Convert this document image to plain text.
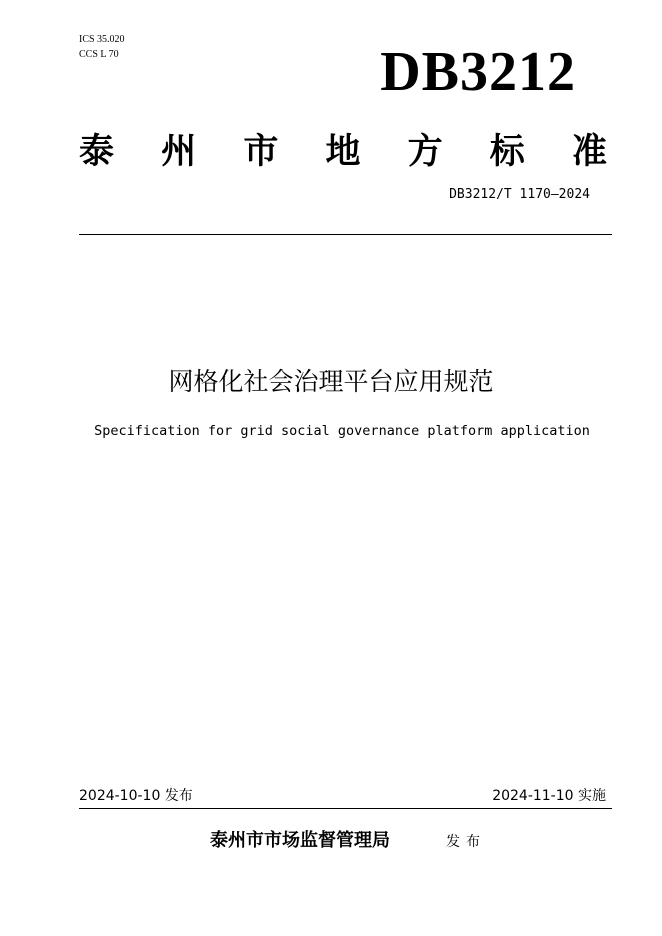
ICS 35.020
CCS L 70	DB3212
泰 州 市 地 方 标 准
DB3212/T 1170—2024
网格化社会治理平台应用规范
Specification for grid social governance platform application
2024-10-10 发布	2024-11-10 实施
泰州市市场监督管理局	发布
